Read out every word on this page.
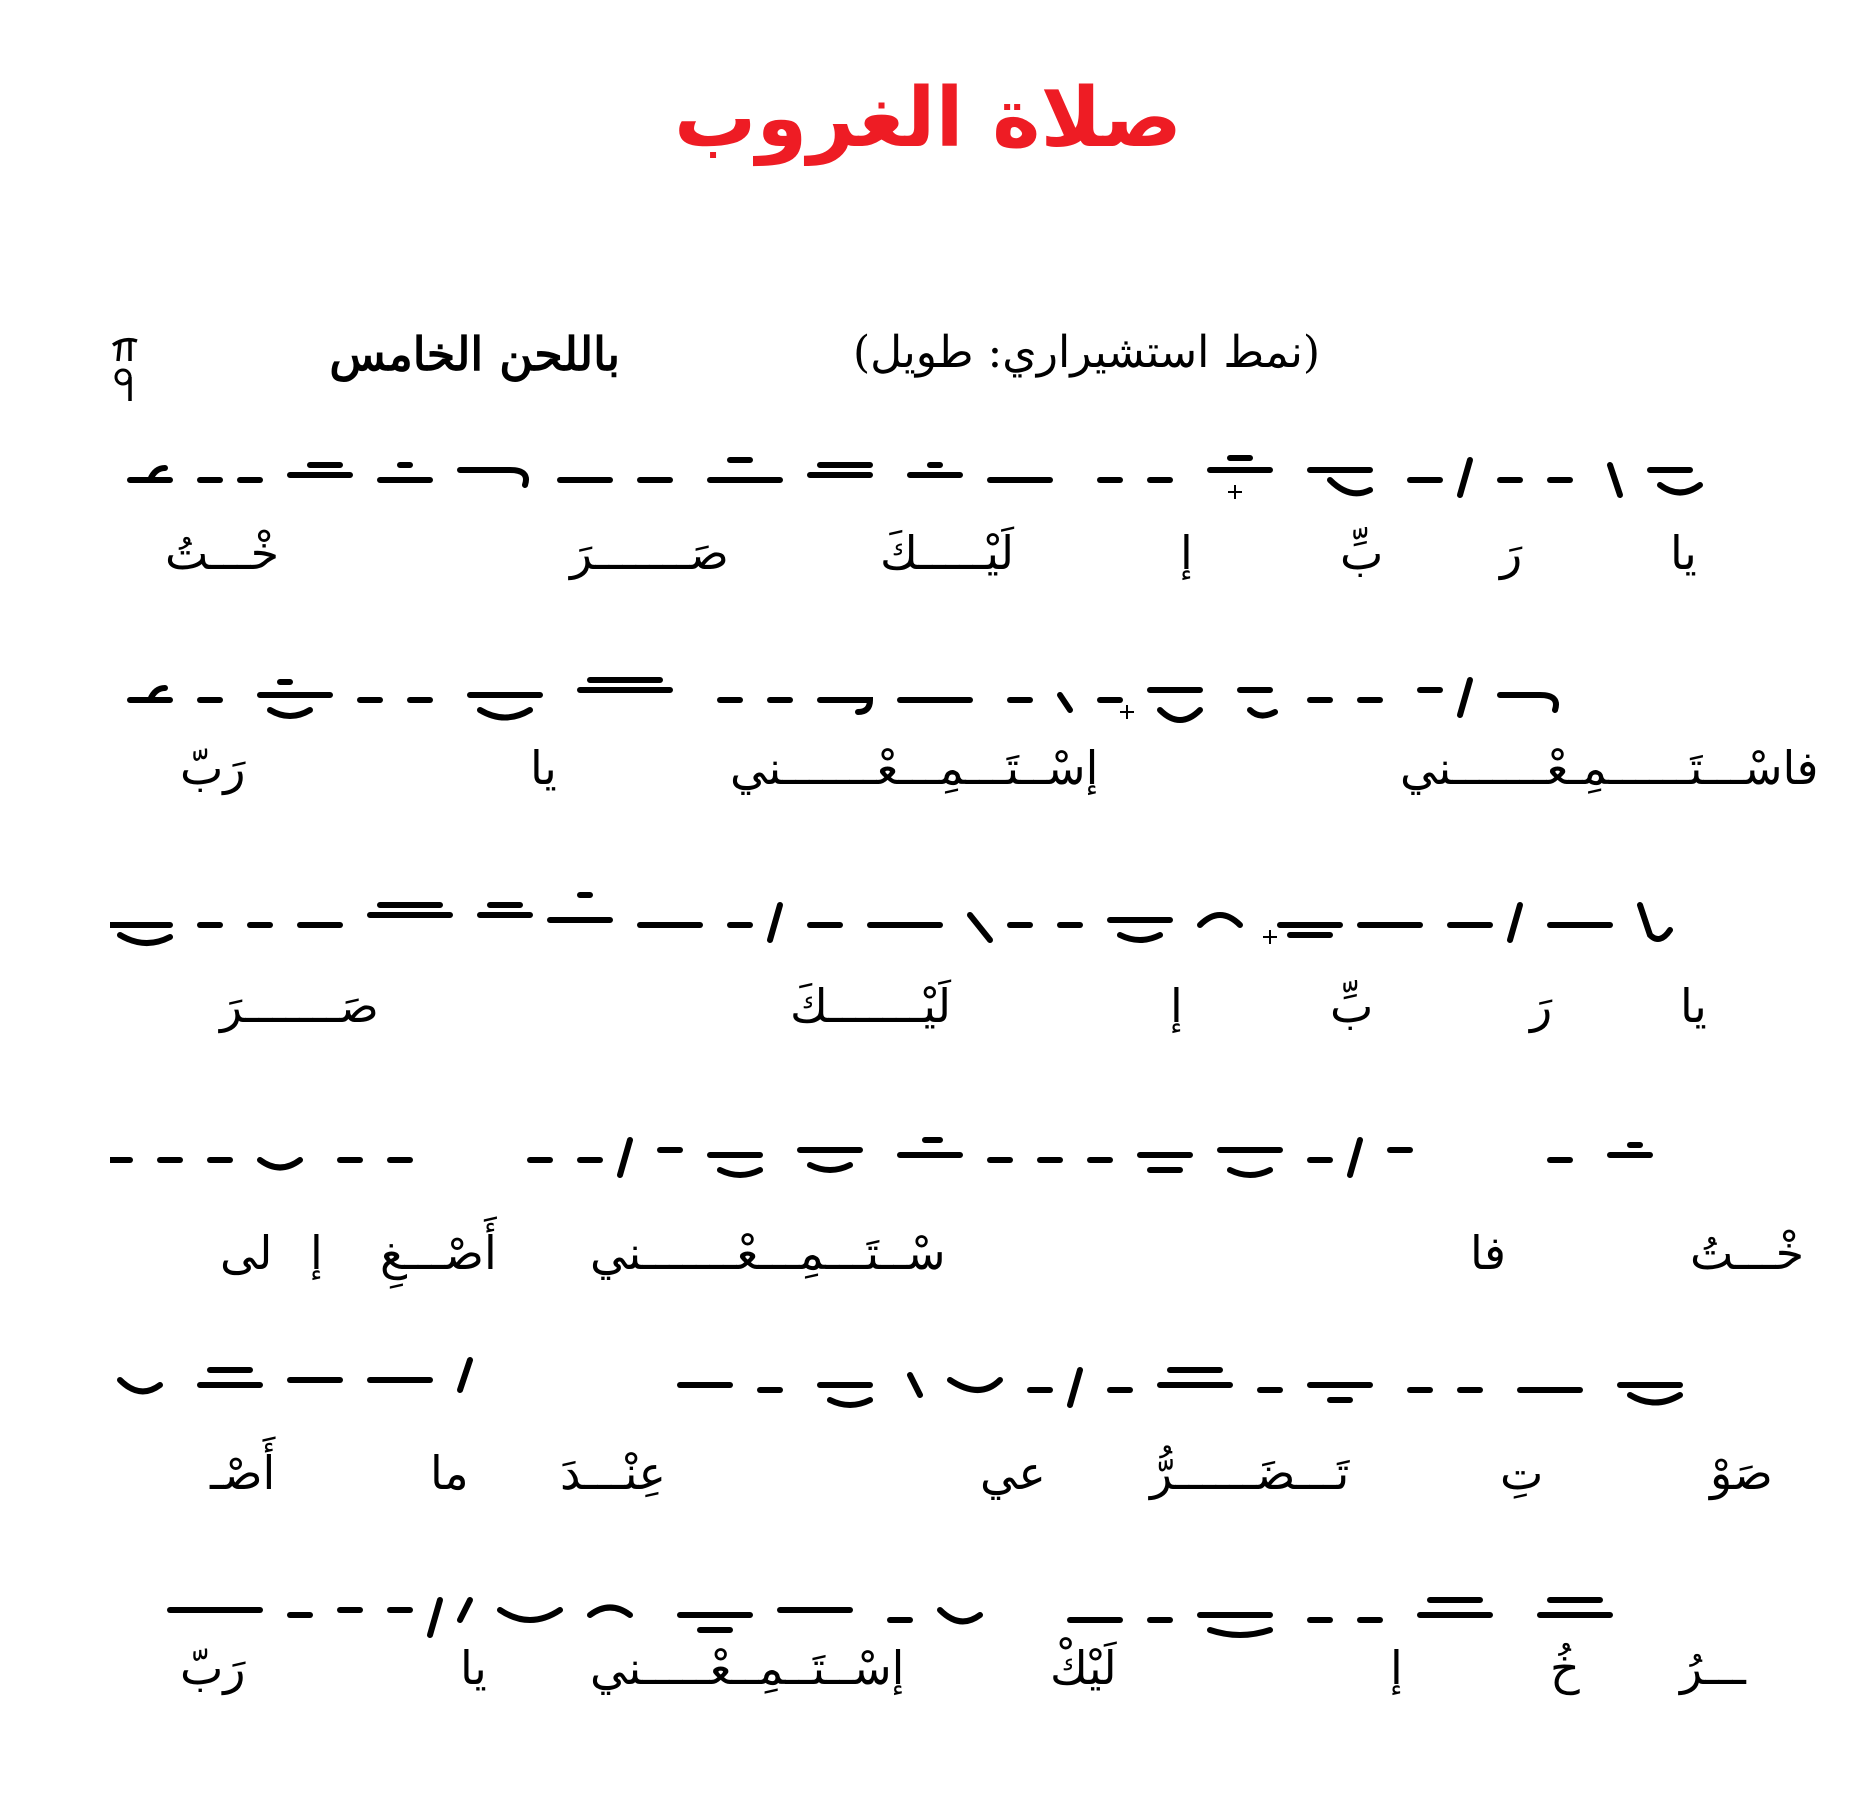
صلاة الغروب
باللحن الخامس	(نمط استشيراري: طويل)
يا
رَ
بِّ
إ
لَيْـــــكَ
صَـــــــرَ
خْـــتُ
فاسْـــتَــــــمِـعْـــــــني
إسْــتَـــمِـــعْـــــــني
يا
رَبّ
يا
رَ
بِّ
إ
لَيْـــــــكَ
صَـــــــرَ
خْـــتُ
فا
سْــتَـــمِـــعْـــــــني
أَصْـــغِ
إ
لى
صَوْ
تِ
تَـــضَــــــرُّ
عي
عِنْـــدَ
ما
أَصْـ
ـــرُ
خُ
إ
لَيْكْ
إسْــتَــمِــعْـــــني
يا
رَبّ
